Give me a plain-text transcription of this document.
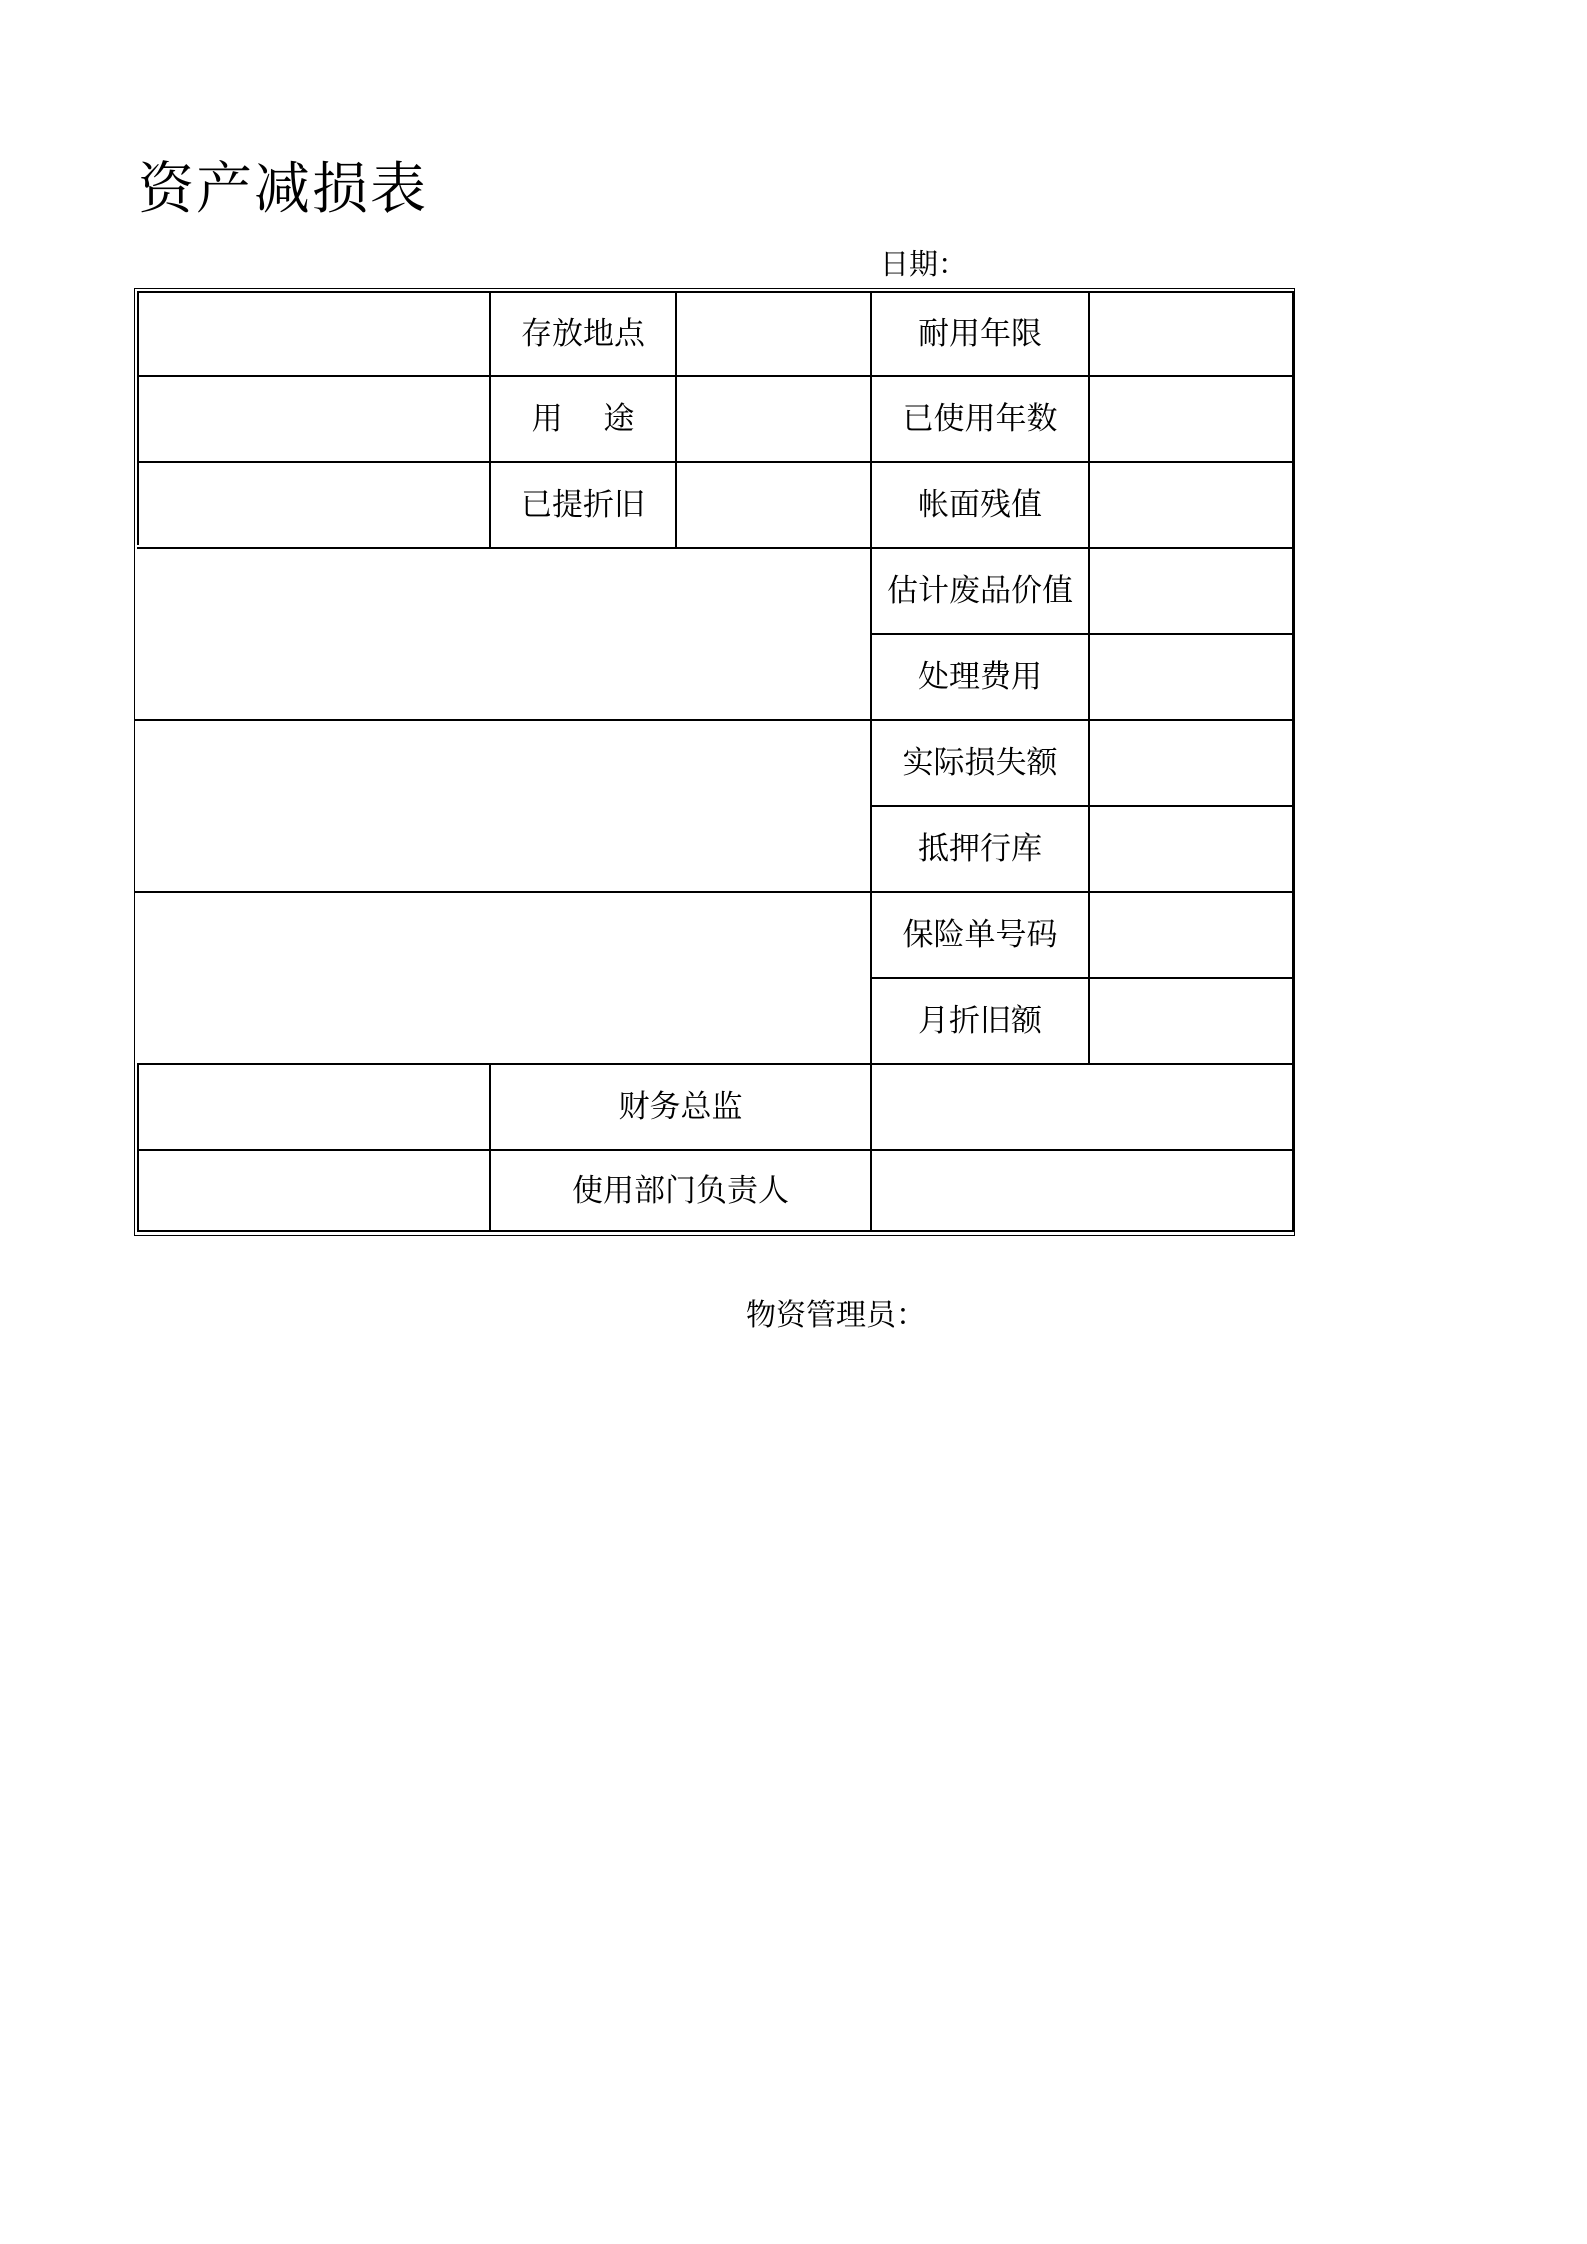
资产减损表
日期：
存放地点	耐用年限
用　 途	已使用年数
已提折旧	帐面残值
估计废品价值
处理费用
实际损失额
抵押行库
保险单号码
月折旧额
财务总监
使用部门负责人
物资管理员：
